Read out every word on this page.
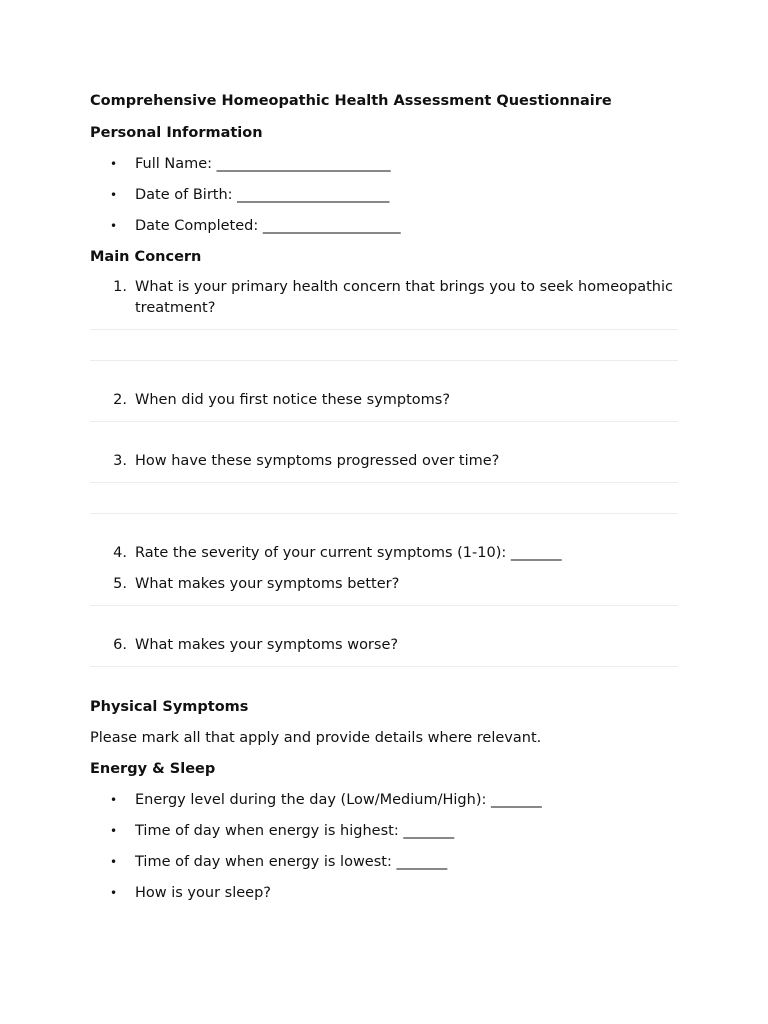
Comprehensive Homeopathic Health Assessment Questionnaire
Personal Information
• Full Name: ________________________
• Date of Birth: _____________________
• Date Completed: ___________________
Main Concern
1. What is your primary health concern that brings you to seek homeopathic treatment?
2. When did you first notice these symptoms?
3. How have these symptoms progressed over time?
4. Rate the severity of your current symptoms (1-10): _______
5. What makes your symptoms better?
6. What makes your symptoms worse?
Physical Symptoms
Please mark all that apply and provide details where relevant.
Energy & Sleep
• Energy level during the day (Low/Medium/High): _______
• Time of day when energy is highest: _______
• Time of day when energy is lowest: _______
• How is your sleep?
